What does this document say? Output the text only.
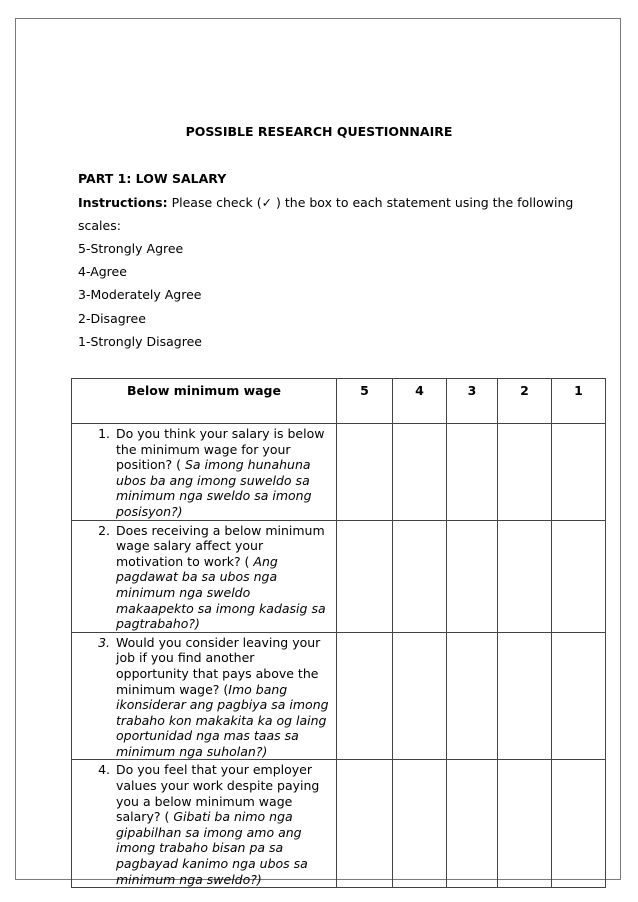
POSSIBLE RESEARCH QUESTIONNAIRE
PART 1: LOW SALARY
Instructions: Please check (✓ ) the box to each statement using the following
scales:
5-Strongly Agree
4-Agree
3-Moderately Agree
2-Disagree
1-Strongly Disagree
Below minimum wage	5	4	3	2	1

1. Do you think your salary is below the minimum wage for your position? ( Sa imong hunahuna ubos ba ang imong suweldo sa minimum nga sweldo sa imong posisyon?)					

2. Does receiving a below minimum wage salary affect your motivation to work? ( Ang pagdawat ba sa ubos nga minimum nga sweldo makaapekto sa imong kadasig sa pagtrabaho?)					

3. Would you consider leaving your job if you find another opportunity that pays above the minimum wage? (Imo bang ikonsiderar ang pagbiya sa imong trabaho kon makakita ka og laing oportunidad nga mas taas sa minimum nga suholan?)					

4. Do you feel that your employer values your work despite paying you a below minimum wage salary? ( Gibati ba nimo nga gipabilhan sa imong amo ang imong trabaho bisan pa sa pagbayad kanimo nga ubos sa minimum nga sweldo?)					
